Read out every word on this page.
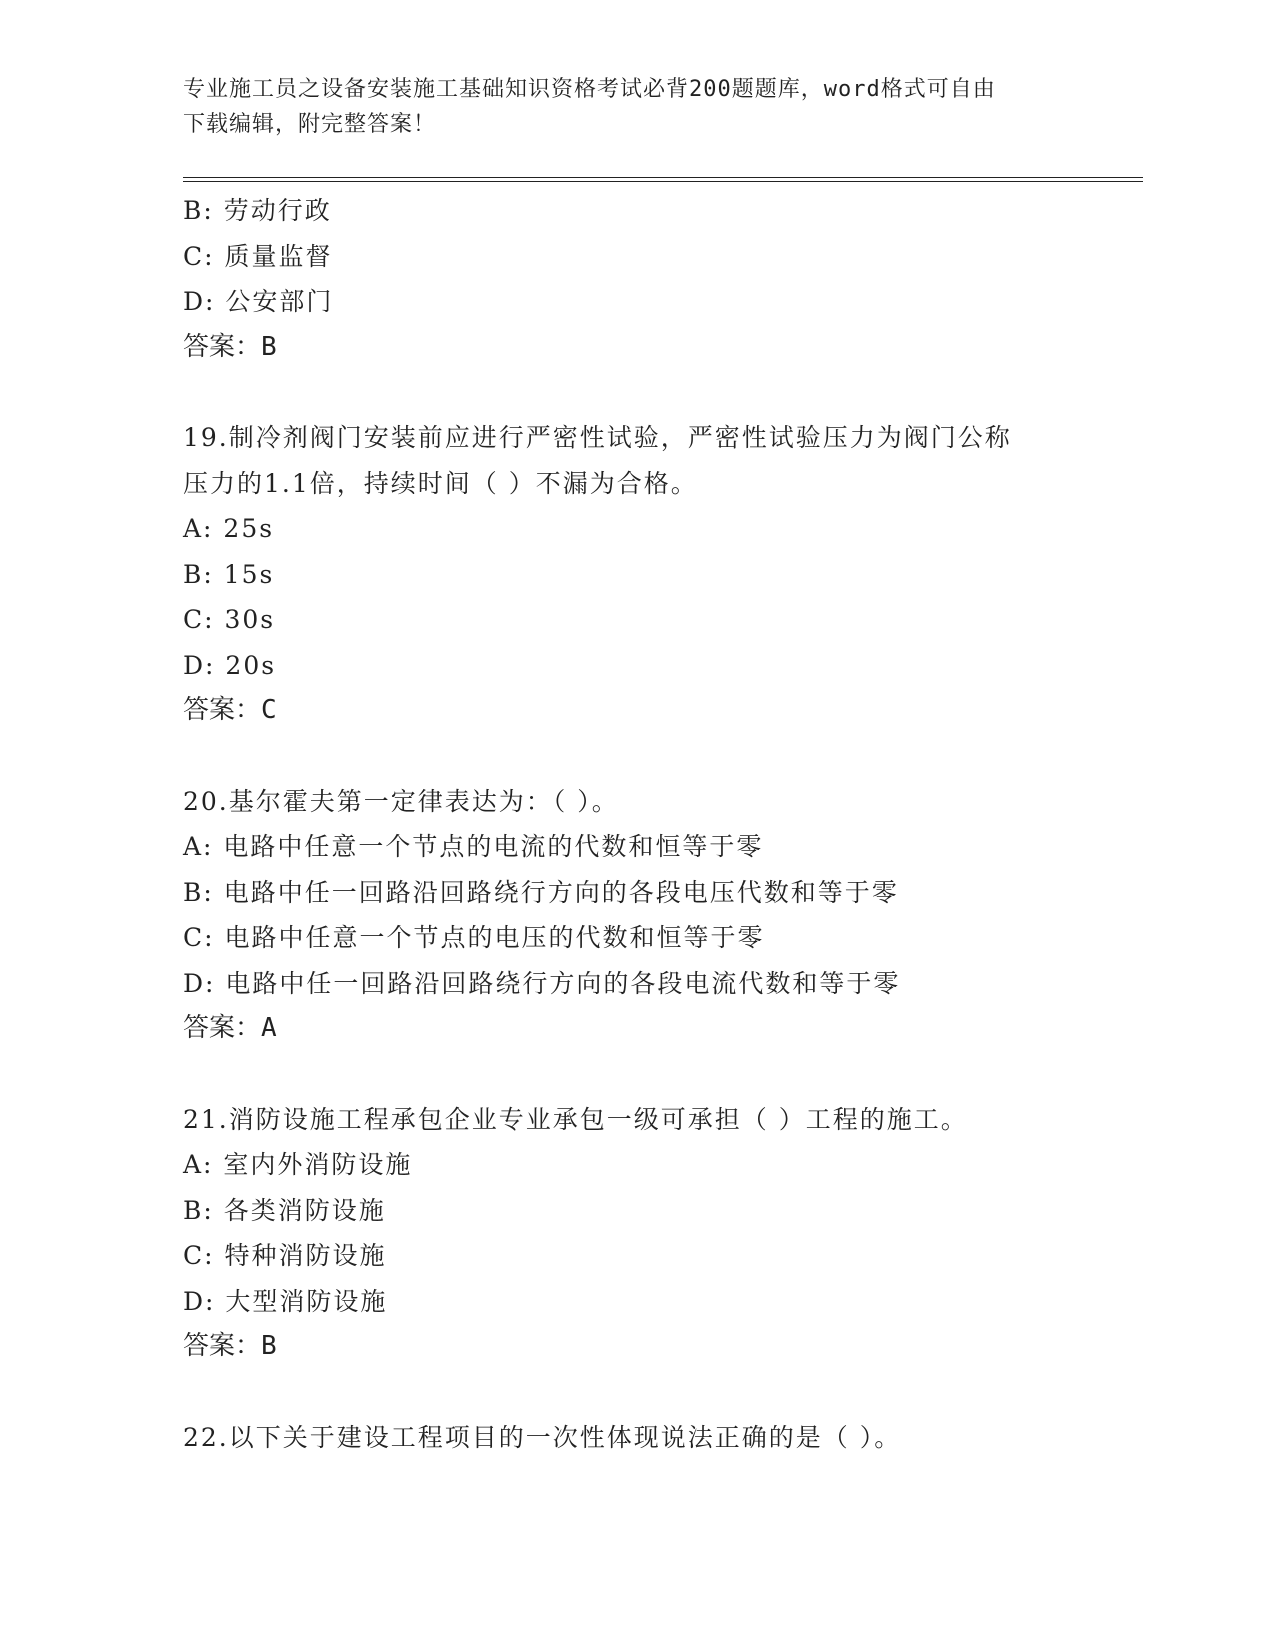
专业施工员之设备安装施工基础知识资格考试必背200题题库，word格式可自由
下载编辑，附完整答案！
B: 劳动行政
C: 质量监督
D: 公安部门
答案：B
19.制冷剂阀门安装前应进行严密性试验，严密性试验压力为阀门公称
压力的1.1倍，持续时间（ ）不漏为合格。
A: 25s
B: 15s
C: 30s
D: 20s
答案：C
20.基尔霍夫第一定律表达为：（ ）。
A: 电路中任意一个节点的电流的代数和恒等于零
B: 电路中任一回路沿回路绕行方向的各段电压代数和等于零
C: 电路中任意一个节点的电压的代数和恒等于零
D: 电路中任一回路沿回路绕行方向的各段电流代数和等于零
答案：A
21.消防设施工程承包企业专业承包一级可承担（ ）工程的施工。
A: 室内外消防设施
B: 各类消防设施
C: 特种消防设施
D: 大型消防设施
答案：B
22.以下关于建设工程项目的一次性体现说法正确的是（ ）。
